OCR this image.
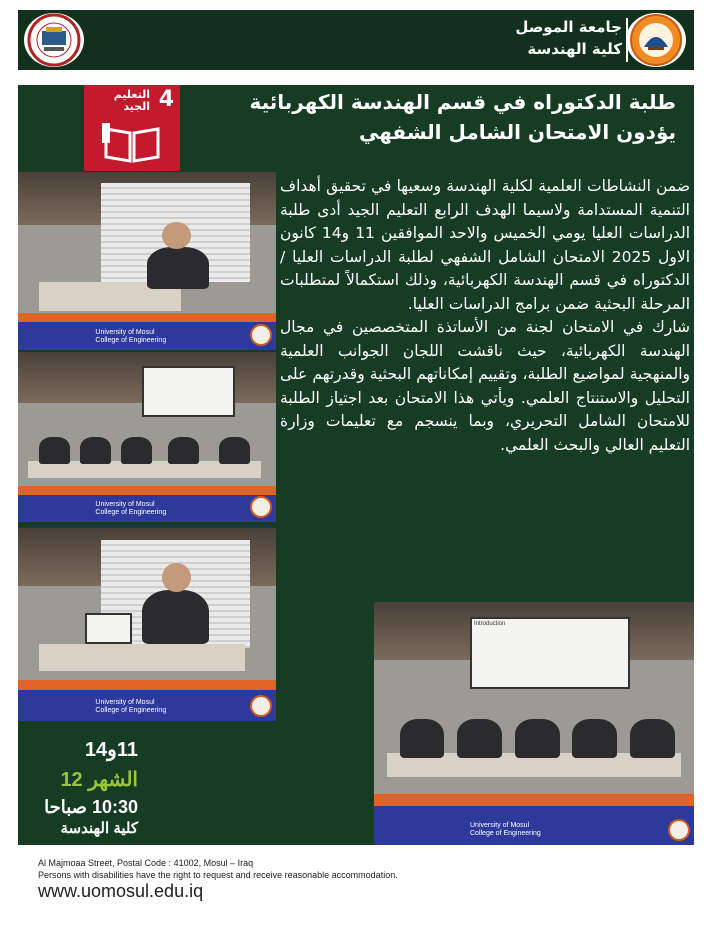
جامعة الموصل
كلية الهندسة
4
التعليم الجيد	طلبة الدكتوراه في قسم الهندسة الكهربائية
يؤدون الامتحان الشامل الشفهي

ضمن النشاطات العلمية لكلية الهندسة وسعيها في تحقيق أهداف التنمية المستدامة ولاسيما الهدف الرابع التعليم الجيد أدى طلبة الدراسات العليا يومي الخميس والاحد الموافقين 11 و14 كانون الاول 2025 الامتحان الشامل الشفهي لطلبة الدراسات العليا / الدكتوراه في قسم الهندسة الكهربائية، وذلك استكمالاً لمتطلبات المرحلة البحثية ضمن برامج الدراسات العليا.

شارك في الامتحان لجنة من الأساتذة المتخصصين في مجال الهندسة الكهربائية، حيث ناقشت اللجان الجوانب العلمية والمنهجية لمواضيع الطلبة، وتقييم إمكاناتهم البحثية وقدرتهم على التحليل والاستنتاج العلمي. ويأتي هذا الامتحان بعد اجتياز الطلبة للامتحان الشامل التحريري، وبما ينسجم مع تعليمات وزارة التعليم العالي والبحث العلمي.

University of Mosul
College of Engineering
University of Mosul
College of Engineering
University of Mosul
College of Engineering
Introduction
University of Mosul
College of Engineering
11و14
الشهر 12
10:30 صباحا
كلية الهندسة
Al Majmoaa Street, Postal Code : 41002, Mosul – Iraq
Persons with disabilities have the right to request and receive reasonable accommodation.
www.uomosul.edu.iq
